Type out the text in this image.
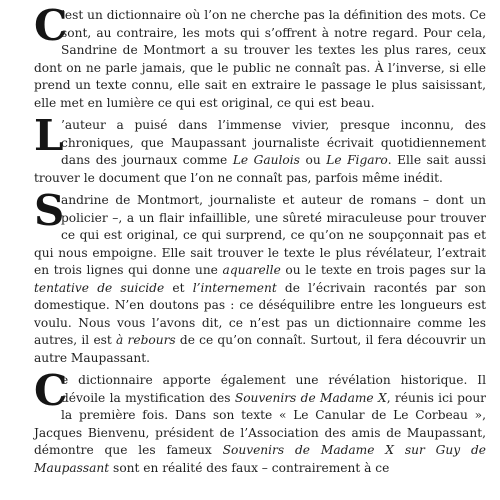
C
’est un dictionnaire où l’on ne cherche pas la définition des mots. Ce sont, au contraire, les mots qui s’offrent à notre regard. Pour cela, Sandrine de Montmort a su trouver les textes les plus rares, ceux dont on ne parle jamais, que le public ne connaît pas. À l’inverse, si elle prend un texte connu, elle sait en extraire le passage le plus saisissant, elle met en lumière ce qui est original, ce qui est beau.

L
’auteur a puisé dans l’immense vivier, presque inconnu, des chroniques, que Maupassant journaliste écrivait quotidiennement dans des journaux comme Le Gaulois ou Le Figaro. Elle sait aussi trouver le document que l’on ne connaît pas, parfois même inédit.

S
andrine de Montmort, journaliste et auteur de romans – dont un policier –, a un flair infaillible, une sûreté miraculeuse pour trouver ce qui est original, ce qui surprend, ce qu’on ne soupçonnait pas et qui nous empoigne. Elle sait trouver le texte le plus révélateur, l’extrait en trois lignes qui donne une aquarelle ou le texte en trois pages sur la tentative de suicide et l’internement de l’écrivain racontés par son domestique. N’en doutons pas : ce déséquilibre entre les longueurs est voulu. Nous vous l’avons dit, ce n’est pas un dictionnaire comme les autres, il est à rebours de ce qu’on connaît. Surtout, il fera découvrir un autre Maupassant.

C
e dictionnaire apporte également une révélation historique. Il dévoile la mystification des Souvenirs de Madame X, réunis ici pour la première fois. Dans son texte « Le Canular de Le Corbeau », Jacques Bienvenu, président de l’Association des amis de Maupassant, démontre que les fameux Souvenirs de Madame X sur Guy de Maupassant sont en réalité des faux – contrairement à ce
